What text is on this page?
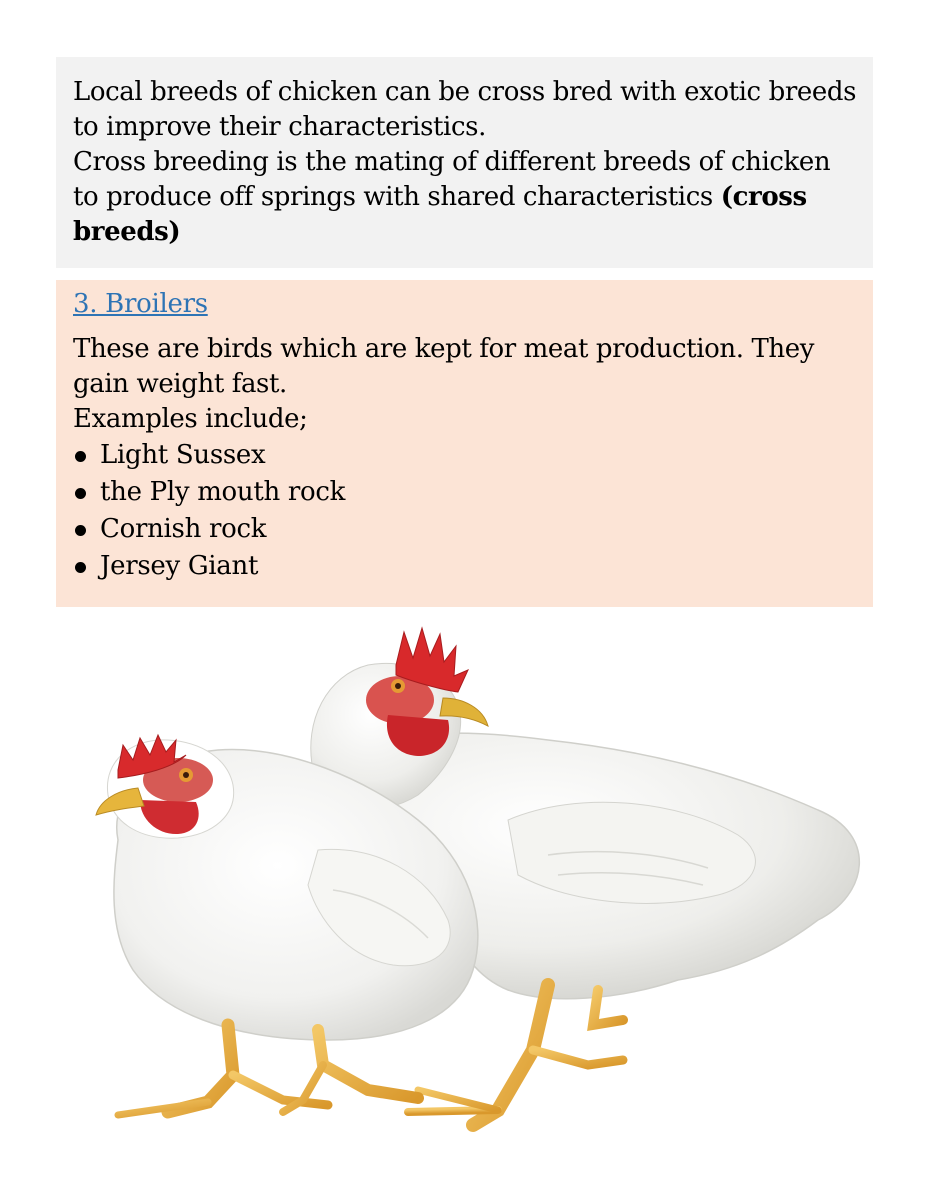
Local breeds of chicken can be cross bred with exotic breeds to improve their characteristics.
Cross breeding is the mating of different breeds of chicken to produce off springs with shared characteristics (cross breeds)

3. Broilers

These are birds which are kept for meat production. They gain weight fast.
Examples include;

Light Sussex
the Ply mouth rock
Cornish rock
Jersey Giant
